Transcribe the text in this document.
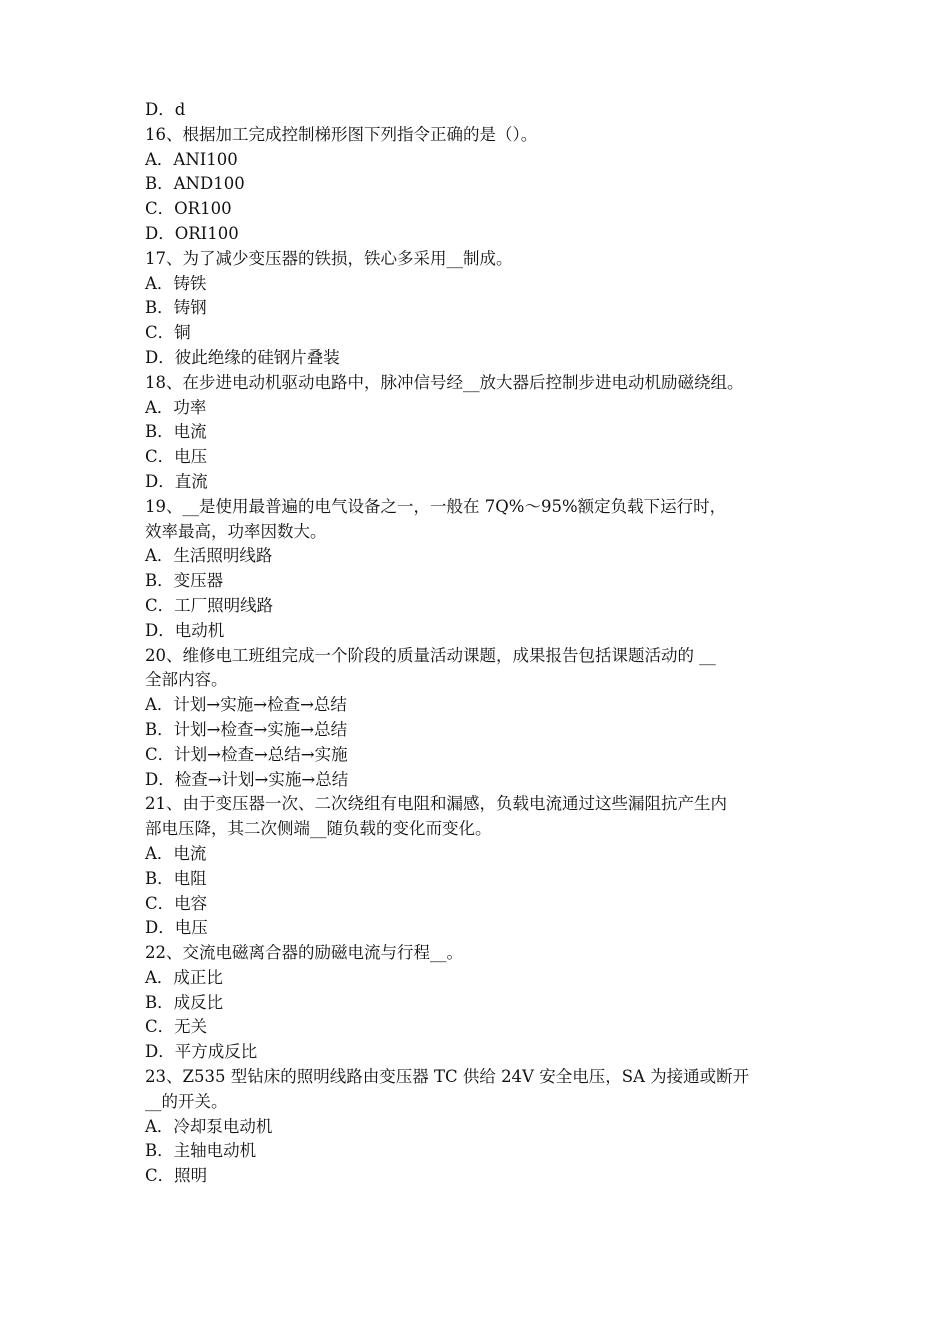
D．d
16、根据加工完成控制梯形图下列指令正确的是（）。
A．ANI100
B．AND100
C．OR100
D．ORI100
17、为了减少变压器的铁损，铁心多采用__制成。
A．铸铁
B．铸钢
C．铜
D．彼此绝缘的硅钢片叠装
18、在步进电动机驱动电路中，脉冲信号经__放大器后控制步进电动机励磁绕组。
A．功率
B．电流
C．电压
D．直流
19、__是使用最普遍的电气设备之一，一般在 7Q%～95%额定负载下运行时，
效率最高，功率因数大。
A．生活照明线路
B．变压器
C．工厂照明线路
D．电动机
20、维修电工班组完成一个阶段的质量活动课题，成果报告包括课题活动的 __
全部内容。
A．计划→实施→检查→总结
B．计划→检查→实施→总结
C．计划→检查→总结→实施
D．检查→计划→实施→总结
21、由于变压器一次、二次绕组有电阻和漏感，负载电流通过这些漏阻抗产生内
部电压降，其二次侧端__随负载的变化而变化。
A．电流
B．电阻
C．电容
D．电压
22、交流电磁离合器的励磁电流与行程__。
A．成正比
B．成反比
C．无关
D．平方成反比
23、Z535 型钻床的照明线路由变压器 TC 供给 24V 安全电压，SA 为接通或断开
__的开关。
A．冷却泵电动机
B．主轴电动机
C．照明
